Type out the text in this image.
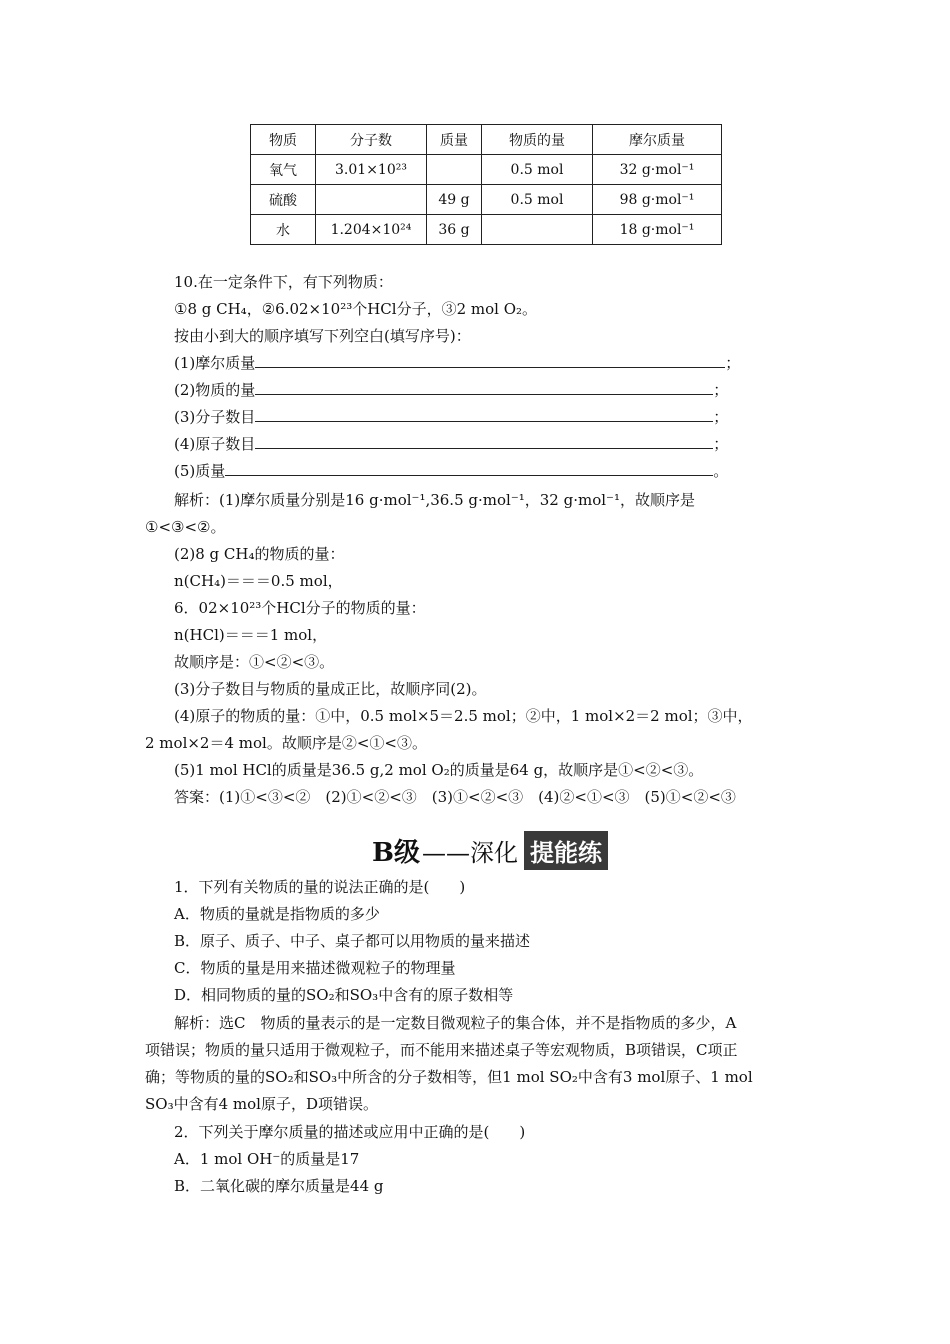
物质	分子数	质量	物质的量	摩尔质量
氧气	3.01×10²³		0.5 mol	32 g·mol⁻¹
硫酸		49 g	0.5 mol	98 g·mol⁻¹
水	1.204×10²⁴	36 g		18 g·mol⁻¹
10.在一定条件下，有下列物质：
①8 g CH₄，②6.02×10²³个HCl分子，③2 mol O₂。
按由小到大的顺序填写下列空白(填写序号)：
(1)摩尔质量	；
(2)物质的量	；
(3)分子数目	；
(4)原子数目	；
(5)质量	。
解析：(1)摩尔质量分别是16 g·mol⁻¹,36.5 g·mol⁻¹，32 g·mol⁻¹，故顺序是
①<③<②。
(2)8 g CH₄的物质的量：
n(CH₄)＝＝＝0.5 mol，
6．02×10²³个HCl分子的物质的量：
n(HCl)＝＝＝1 mol，
故顺序是：①<②<③。
(3)分子数目与物质的量成正比，故顺序同(2)。
(4)原子的物质的量：①中，0.5 mol×5＝2.5 mol；②中，1 mol×2＝2 mol；③中，
2 mol×2＝4 mol。故顺序是②<①<③。
(5)1 mol HCl的质量是36.5 g,2 mol O₂的质量是64 g，故顺序是①<②<③。
答案：(1)①<③<②　(2)①<②<③　(3)①<②<③　(4)②<①<③　(5)①<②<③
B级 ——深化 提能练
1．下列有关物质的量的说法正确的是(　　)
A．物质的量就是指物质的多少
B．原子、质子、中子、桌子都可以用物质的量来描述
C．物质的量是用来描述微观粒子的物理量
D．相同物质的量的SO₂和SO₃中含有的原子数相等
解析：选C　物质的量表示的是一定数目微观粒子的集合体，并不是指物质的多少，A
项错误；物质的量只适用于微观粒子，而不能用来描述桌子等宏观物质，B项错误，C项正
确；等物质的量的SO₂和SO₃中所含的分子数相等，但1 mol SO₂中含有3 mol原子、1 mol
SO₃中含有4 mol原子，D项错误。
2．下列关于摩尔质量的描述或应用中正确的是(　　)
A．1 mol OH⁻的质量是17
B．二氧化碳的摩尔质量是44 g
